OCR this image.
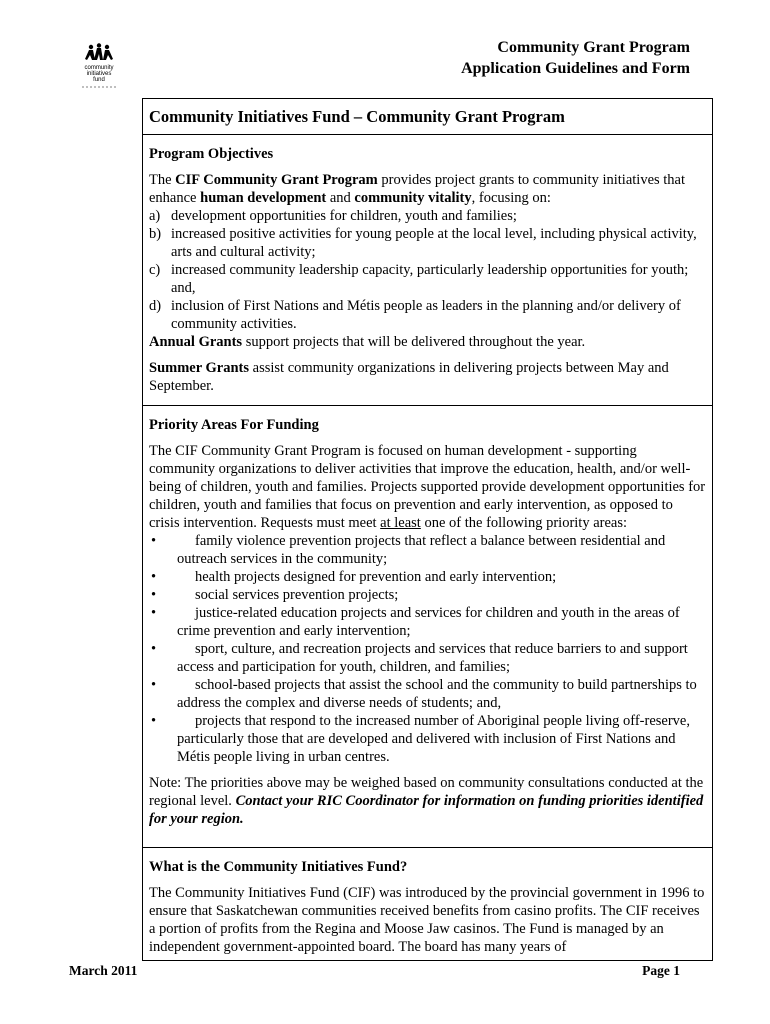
community
initiatives
fund
Community Grant Program
Application Guidelines and Form
Community Initiatives Fund – Community Grant Program
Program Objectives

The CIF Community Grant Program provides project grants to community initiatives that enhance human development and community vitality, focusing on:

a) development opportunities for children, youth and families;
b) increased positive activities for young people at the local level, including physical activity, arts and cultural activity;
c) increased community leadership capacity, particularly leadership opportunities for youth; and,
d) inclusion of First Nations and Métis people as leaders in the planning and/or delivery of community activities.

Annual Grants support projects that will be delivered throughout the year.

Summer Grants assist community organizations in delivering projects between May and September.

Priority Areas For Funding

The CIF Community Grant Program is focused on human development - supporting community organizations to deliver activities that improve the education, health, and/or well-being of children, youth and families. Projects supported provide development opportunities for children, youth and families that focus on prevention and early intervention, as opposed to crisis intervention. Requests must meet at least one of the following priority areas:

•	family violence prevention projects that reflect a balance between residential and outreach services in the community;
•	health projects designed for prevention and early intervention;
•	social services prevention projects;
•	justice-related education projects and services for children and youth in the areas of crime prevention and early intervention;
•	sport, culture, and recreation projects and services that reduce barriers to and support access and participation for youth, children, and families;
•	school-based projects that assist the school and the community to build partnerships to address the complex and diverse needs of students; and,
•	projects that respond to the increased number of Aboriginal people living off-reserve, particularly those that are developed and delivered with inclusion of First Nations and Métis people living in urban centres.

Note: The priorities above may be weighed based on community consultations conducted at the regional level. Contact your RIC Coordinator for information on funding priorities identified for your region.

What is the Community Initiatives Fund?

The Community Initiatives Fund (CIF) was introduced by the provincial government in 1996 to ensure that Saskatchewan communities received benefits from casino profits. The CIF receives a portion of profits from the Regina and Moose Jaw casinos. The Fund is managed by an independent government-appointed board. The board has many years of

March 2011	Page 1
